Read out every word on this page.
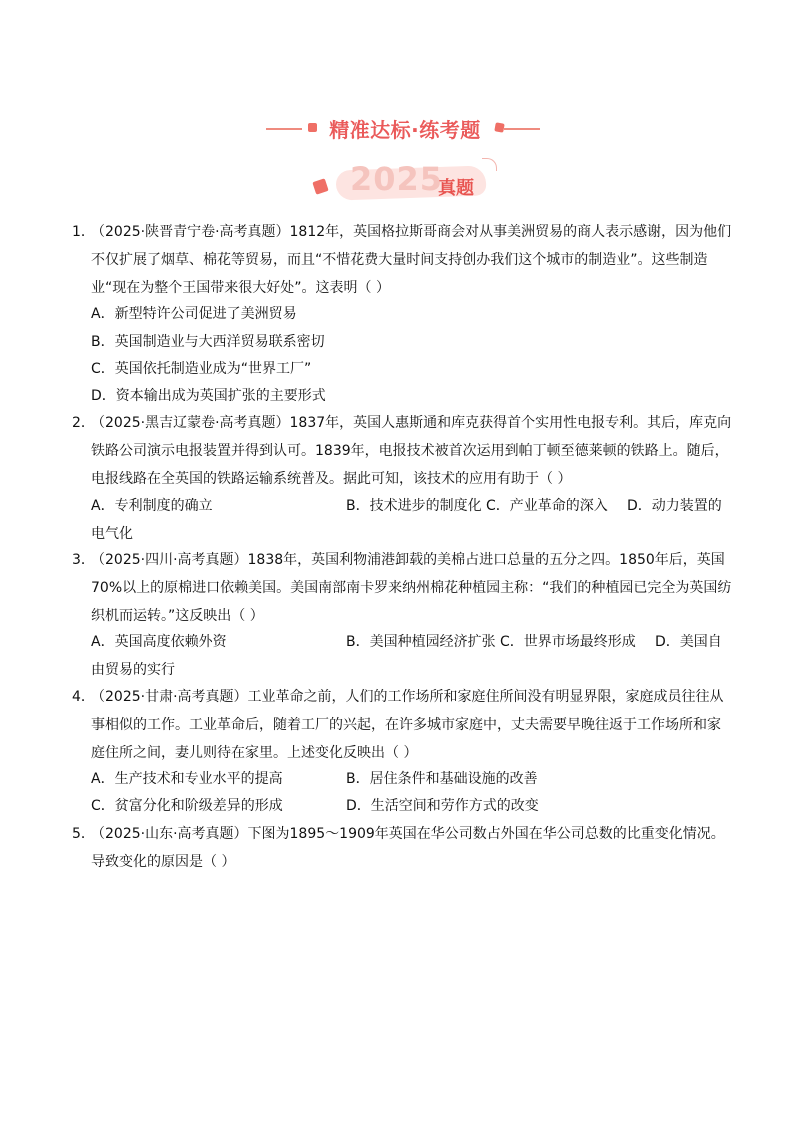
精准达标·练考题
2025
真题
1．
（2025·陕晋青宁卷·高考真题）1812年，英国格拉斯哥商会对从事美洲贸易的商人表示感谢，因为他们不仅扩展了烟草、棉花等贸易，而且“不惜花费大量时间支持创办我们这个城市的制造业”。这些制造业“现在为整个王国带来很大好处”。这表明（ ）
A．新型特许公司促进了美洲贸易
B．英国制造业与大西洋贸易联系密切
C．英国依托制造业成为“世界工厂”
D．资本输出成为英国扩张的主要形式
2．
（2025·黑吉辽蒙卷·高考真题）1837年，英国人惠斯通和库克获得首个实用性电报专利。其后，库克向铁路公司演示电报装置并得到认可。1839年，电报技术被首次运用到帕丁顿至德莱顿的铁路上。随后，电报线路在全英国的铁路运输系统普及。据此可知，该技术的应用有助于（ ）
A．专利制度的确立	B．技术进步的制度化 C．产业革命的深入	D．动力装置的电气化
3．
（2025·四川·高考真题）1838年，英国利物浦港卸载的美棉占进口总量的五分之四。1850年后，英国70%以上的原棉进口依赖美国。美国南部南卡罗来纳州棉花种植园主称：“我们的种植园已完全为英国纺织机而运转。”这反映出（ ）
A．英国高度依赖外资	B．美国种植园经济扩张 C．世界市场最终形成	D．美国自由贸易的实行
4．
（2025·甘肃·高考真题）工业革命之前，人们的工作场所和家庭住所间没有明显界限，家庭成员往往从事相似的工作。工业革命后，随着工厂的兴起，在许多城市家庭中，丈夫需要早晚往返于工作场所和家庭住所之间，妻儿则待在家里。上述变化反映出（ ）
A．生产技术和专业水平的提高	B．居住条件和基础设施的改善
C．贫富分化和阶级差异的形成	D．生活空间和劳作方式的改变
5．
（2025·山东·高考真题）下图为1895～1909年英国在华公司数占外国在华公司总数的比重变化情况。导致变化的原因是（ ）
